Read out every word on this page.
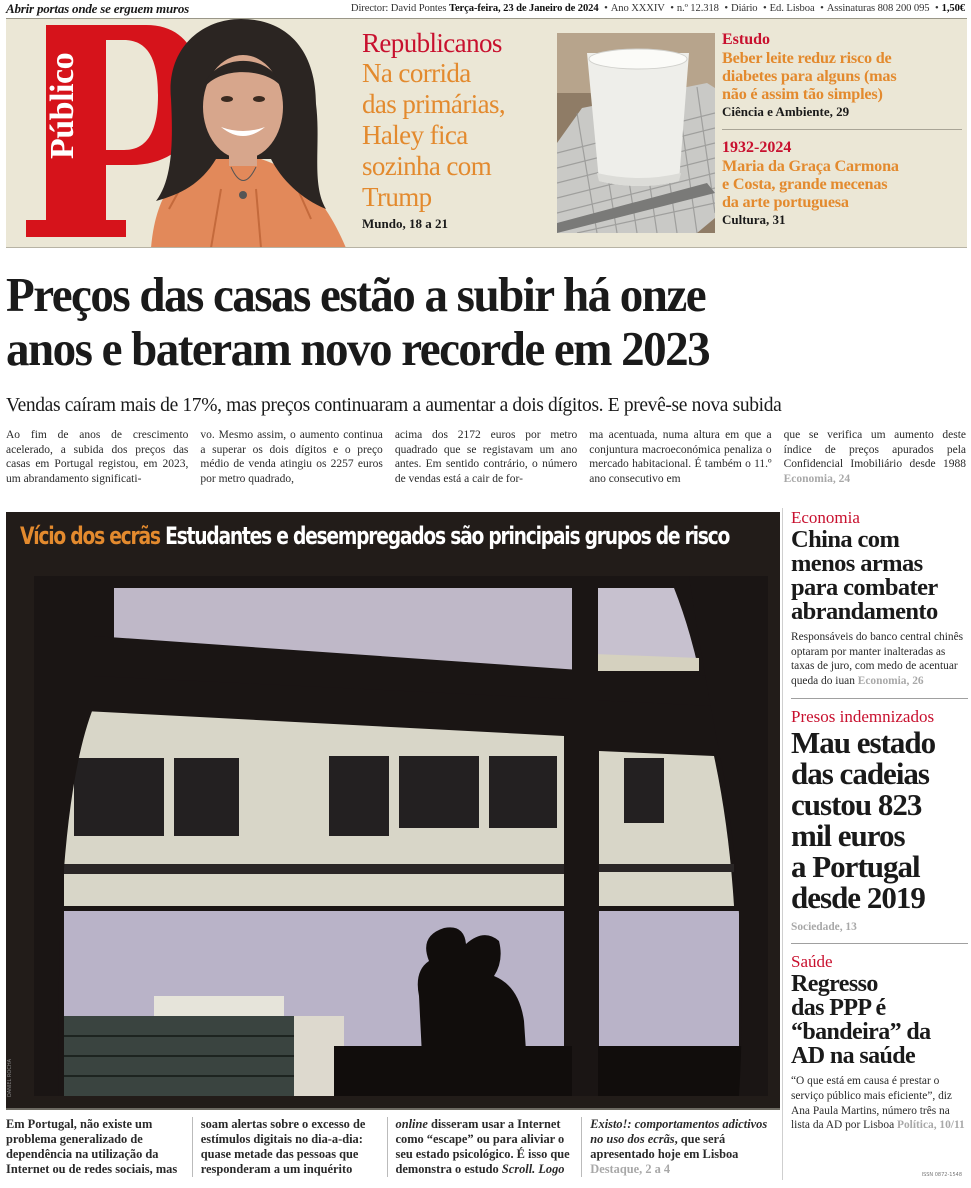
Abrir portas onde se erguem muros	Director: David Pontes Terça-feira, 23 de Janeiro de 2024 • Ano XXXIV • n.º 12.318 • Diário • Ed. Lisboa • Assinaturas 808 200 095 • 1,50€
Público
Republicanos
Na corrida
das primárias,
Haley fica
sozinha com
Trump
Mundo, 18 a 21
Estudo
Beber leite reduz risco de
diabetes para alguns (mas
não é assim tão simples)
Ciência e Ambiente, 29
1932-2024
Maria da Graça Carmona
e Costa, grande mecenas
da arte portuguesa
Cultura, 31
Preços das casas estão a subir há onze
anos e bateram novo recorde em 2023
Vendas caíram mais de 17%, mas preços continuaram a aumentar a dois dígitos. E prevê-se nova subida
Ao fim de anos de crescimento acelerado, a subida dos preços das casas em Portugal registou, em 2023, um abrandamento significati-
vo. Mesmo assim, o aumento continua a superar os dois dígitos e o preço médio de venda atingiu os 2257 euros por metro quadrado,
acima dos 2172 euros por metro quadrado que se registavam um ano antes. Em sentido contrário, o número de vendas está a cair de for-
ma acentuada, numa altura em que a conjuntura macroeconómica penaliza o mercado habitacional. É também o 11.º ano consecutivo em
que se verifica um aumento deste índice de preços apurados pela Confidencial Imobiliário desde 1988 Economia, 24
Vício dos ecrãs Estudantes e desempregados são principais grupos de risco
DANIEL ROCHA
Em Portugal, não existe um problema generalizado de dependência na utilização da Internet ou de redes sociais, mas
soam alertas sobre o excesso de estímulos digitais no dia-a-dia: quase metade das pessoas que responderam a um inquérito
online disseram usar a Internet como “escape” ou para aliviar o seu estado psicológico. É isso que demonstra o estudo Scroll. Logo
Existo!: comportamentos adictivos no uso dos ecrãs, que será apresentado hoje em Lisboa
Destaque, 2 a 4
Economia
China com
menos armas
para combater
abrandamento
Responsáveis do banco central chinês optaram por manter inalteradas as taxas de juro, com medo de acentuar queda do iuan Economia, 26
Presos indemnizados
Mau estado
das cadeias
custou 823
mil euros
a Portugal
desde 2019
Sociedade, 13
Saúde
Regresso
das PPP é
“bandeira” da
AD na saúde
“O que está em causa é prestar o serviço público mais eficiente”, diz Ana Paula Martins, número três na lista da AD por Lisboa Política, 10/11
ISSN 0872-1548
